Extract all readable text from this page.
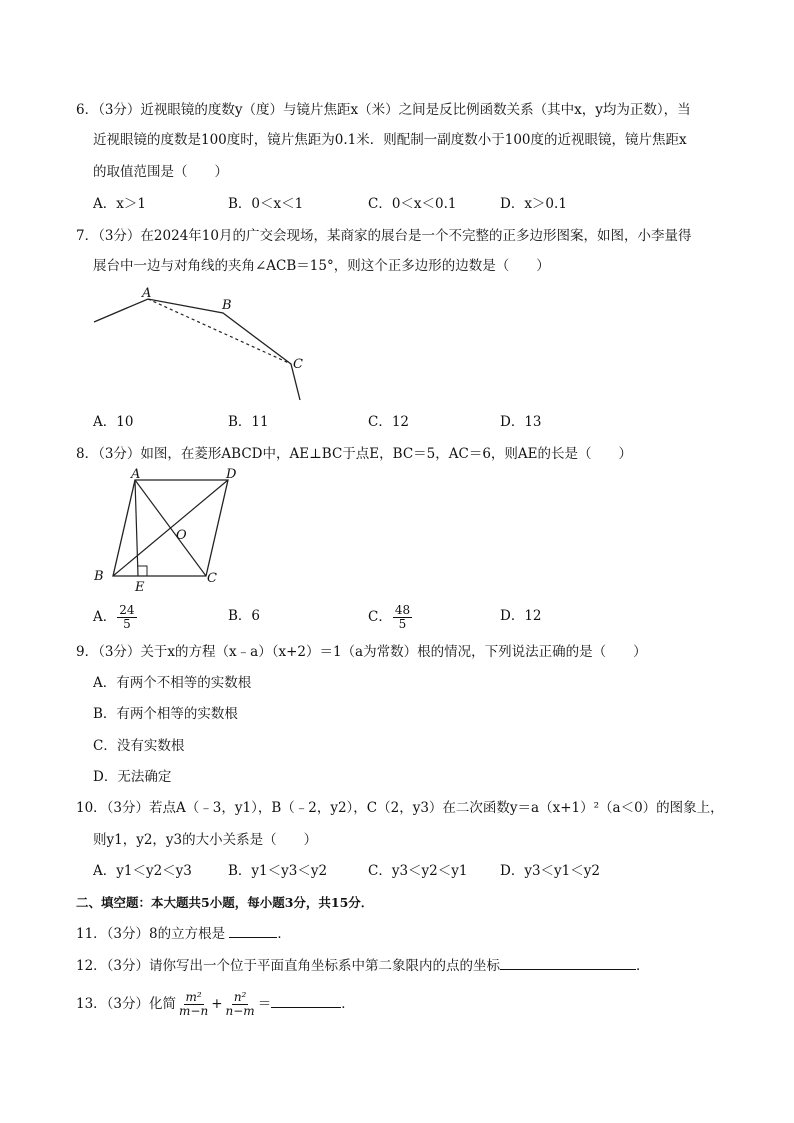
6．（3分）近视眼镜的度数y（度）与镜片焦距x（米）之间是反比例函数关系（其中x，y均为正数），当
近视眼镜的度数是100度时，镜片焦距为0.1米．则配制一副度数小于100度的近视眼镜，镜片焦距x
的取值范围是（　　）
A．x＞1	B．0＜x＜1	C．0＜x＜0.1	D．x＞0.1
7．（3分）在2024年10月的广交会现场，某商家的展台是一个不完整的正多边形图案，如图，小李量得
展台中一边与对角线的夹角∠ACB＝15°，则这个正多边形的边数是（　　）
A
B
C
A．10	B．11	C．12	D．13
8．（3分）如图，在菱形ABCD中，AE⊥BC于点E，BC＝5，AC＝6，则AE的长是（　　）
A	D
O
B
E
C
A． $\frac{24}{5}$	B．6	C． $\frac{48}{5}$	D．12
9．（3分）关于x的方程（x﹣a）（x+2）＝1（a为常数）根的情况，下列说法正确的是（　　）
A．有两个不相等的实数根
B．有两个相等的实数根
C．没有实数根
D．无法确定
10．（3分）若点A（﹣3，y1），B（﹣2，y2），C（2，y3）在二次函数y＝a（x+1）²（a＜0）的图象上，
则y1，y2，y3的大小关系是（　　）
A．y1＜y2＜y3	B．y1＜y3＜y2	C．y3＜y2＜y1 D．y3＜y1＜y2
二、填空题：本大题共5小题，每小题3分，共15分．
11．（3分）8的立方根是	．
12．（3分）请你写出一个位于平面直角坐标系中第二象限内的点的坐标	．
13．（3分）化简 $\frac{\text{m²}}{m-n} + \frac{\text{n²}}{n-m}$ ＝	．
